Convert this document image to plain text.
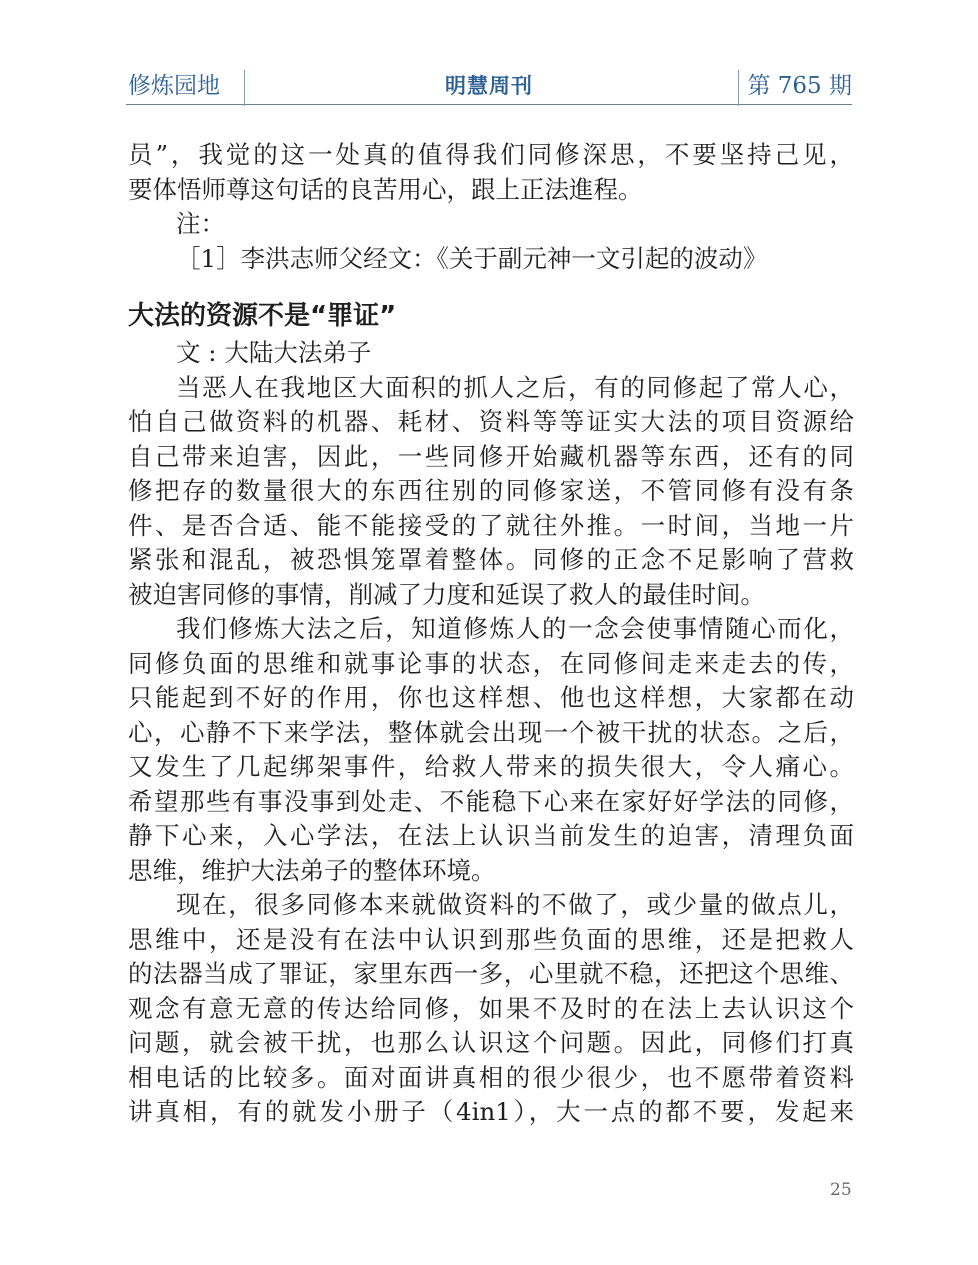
修炼园地	明慧周刊	第 765 期
员”，我觉的这一处真的值得我们同修深思，不要坚持己见，
要体悟师尊这句话的良苦用心，跟上正法進程。
注：
［1］李洪志师父经文：《关于副元神一文引起的波动》
大法的资源不是“罪证”
文 : 大陆大法弟子
当恶人在我地区大面积的抓人之后，有的同修起了常人心，
怕自己做资料的机器、耗材、资料等等证实大法的项目资源给
自己带来迫害，因此，一些同修开始藏机器等东西，还有的同
修把存的数量很大的东西往别的同修家送，不管同修有没有条
件、是否合适、能不能接受的了就往外推。一时间，当地一片
紧张和混乱，被恐惧笼罩着整体。同修的正念不足影响了营救
被迫害同修的事情，削减了力度和延误了救人的最佳时间。
我们修炼大法之后，知道修炼人的一念会使事情随心而化，
同修负面的思维和就事论事的状态，在同修间走来走去的传，
只能起到不好的作用，你也这样想、他也这样想，大家都在动
心，心静不下来学法，整体就会出现一个被干扰的状态。之后，
又发生了几起绑架事件，给救人带来的损失很大，令人痛心。
希望那些有事没事到处走、不能稳下心来在家好好学法的同修，
静下心来，入心学法，在法上认识当前发生的迫害，清理负面
思维，维护大法弟子的整体环境。
现在，很多同修本来就做资料的不做了，或少量的做点儿，
思维中，还是没有在法中认识到那些负面的思维，还是把救人
的法器当成了罪证，家里东西一多，心里就不稳，还把这个思维、
观念有意无意的传达给同修，如果不及时的在法上去认识这个
问题，就会被干扰，也那么认识这个问题。因此，同修们打真
相电话的比较多。面对面讲真相的很少很少，也不愿带着资料
讲真相，有的就发小册子（4in1），大一点的都不要，发起来
25
